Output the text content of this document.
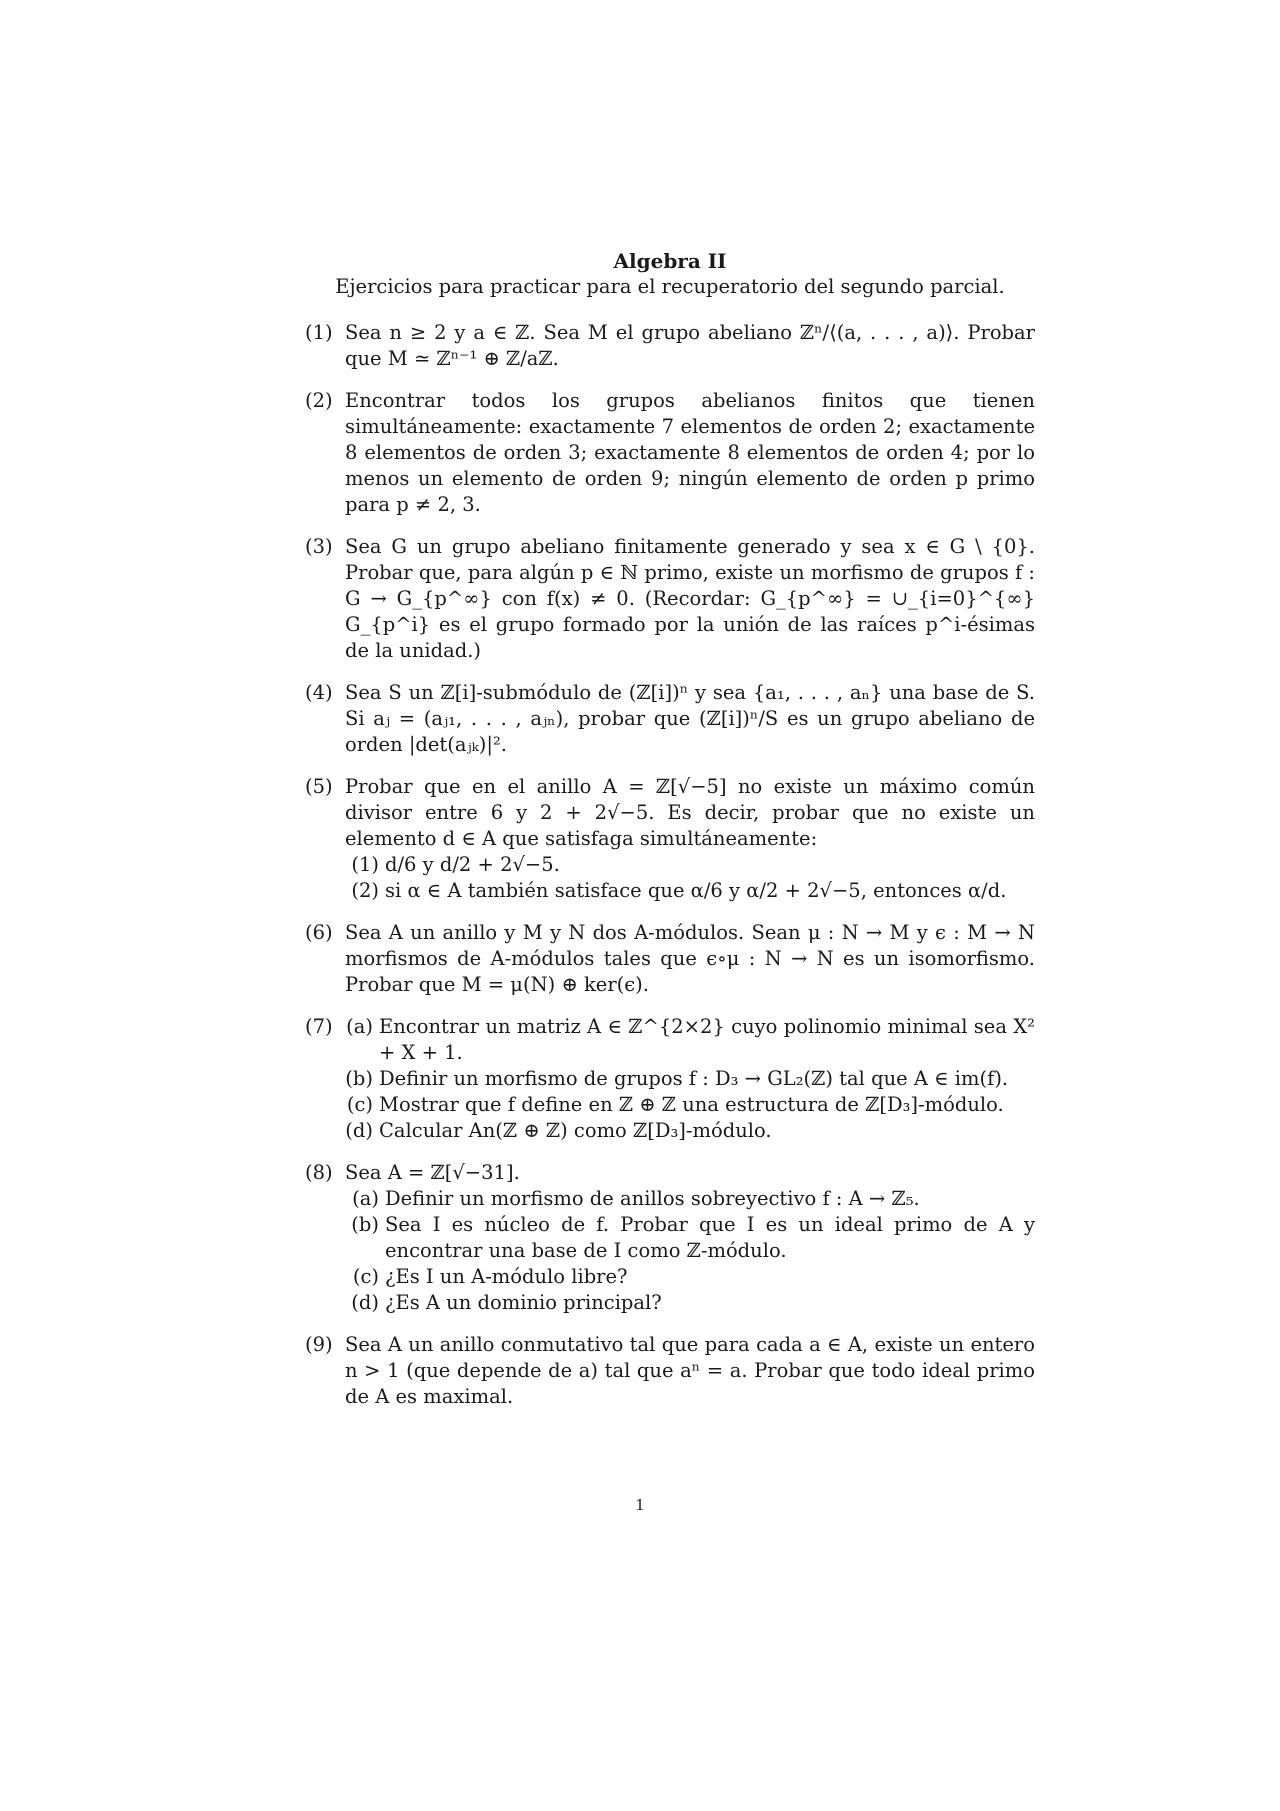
Algebra II

Ejercicios para practicar para el recuperatorio del segundo parcial.

(1) Sea n ≥ 2 y a ∈ ℤ. Sea M el grupo abeliano ℤⁿ/⟨(a, . . . , a)⟩. Probar que M ≃ ℤⁿ⁻¹ ⊕ ℤ/aℤ.
(2) Encontrar todos los grupos abelianos finitos que tienen simultáneamente: exactamente 7 elementos de orden 2; exactamente 8 elementos de orden 3; exactamente 8 elementos de orden 4; por lo menos un elemento de orden 9; ningún elemento de orden p primo para p ≠ 2, 3.
(3) Sea G un grupo abeliano finitamente generado y sea x ∈ G \ {0}. Probar que, para algún p ∈ ℕ primo, existe un morfismo de grupos f : G → G_{p^∞} con f(x) ≠ 0. (Recordar: G_{p^∞} = ∪_{i=0}^{∞} G_{p^i} es el grupo formado por la unión de las raíces p^i-ésimas de la unidad.)
(4) Sea S un ℤ[i]-submódulo de (ℤ[i])ⁿ y sea {a₁, . . . , aₙ} una base de S. Si aⱼ = (aⱼ₁, . . . , aⱼₙ), probar que (ℤ[i])ⁿ/S es un grupo abeliano de orden |det(aⱼₖ)|².
(5) Probar que en el anillo A = ℤ[√−5] no existe un máximo común divisor entre 6 y 2 + 2√−5. Es decir, probar que no existe un elemento d ∈ A que satisfaga simultáneamente:
(1) d/6 y d/2 + 2√−5.
(2) si α ∈ A también satisface que α/6 y α/2 + 2√−5, entonces α/d.
(6) Sea A un anillo y M y N dos A-módulos. Sean μ : N → M y ϵ : M → N morfismos de A-módulos tales que ϵ∘μ : N → N es un isomorfismo. Probar que M = μ(N) ⊕ ker(ϵ).
(7) (a) Encontrar un matriz A ∈ ℤ^{2×2} cuyo polinomio minimal sea X² + X + 1.
(b) Definir un morfismo de grupos f : D₃ → GL₂(ℤ) tal que A ∈ im(f).
(c) Mostrar que f define en ℤ ⊕ ℤ una estructura de ℤ[D₃]-módulo.
(d) Calcular An(ℤ ⊕ ℤ) como ℤ[D₃]-módulo.
(8) Sea A = ℤ[√−31].
(a) Definir un morfismo de anillos sobreyectivo f : A → ℤ₅.
(b) Sea I es núcleo de f. Probar que I es un ideal primo de A y encontrar una base de I como ℤ-módulo.
(c) ¿Es I un A-módulo libre?
(d) ¿Es A un dominio principal?
(9) Sea A un anillo conmutativo tal que para cada a ∈ A, existe un entero n > 1 (que depende de a) tal que aⁿ = a. Probar que todo ideal primo de A es maximal.
1
